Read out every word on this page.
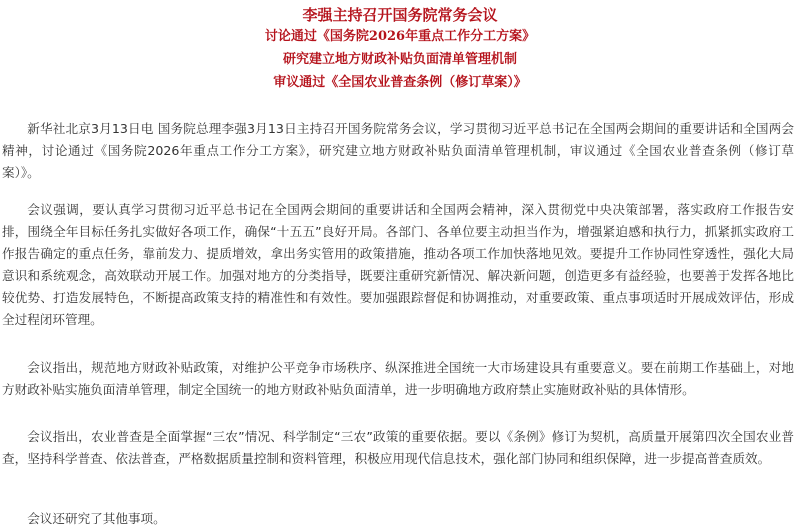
李强主持召开国务院常务会议

讨论通过《国务院2026年重点工作分工方案》

研究建立地方财政补贴负面清单管理机制

审议通过《全国农业普查条例（修订草案）》

新华社北京3月13日电 国务院总理李强3月13日主持召开国务院常务会议，学习贯彻习近平总书记在全国两会期间的重要讲话和全国两会精神，讨论通过《国务院2026年重点工作分工方案》，研究建立地方财政补贴负面清单管理机制，审议通过《全国农业普查条例（修订草案）》。

会议强调，要认真学习贯彻习近平总书记在全国两会期间的重要讲话和全国两会精神，深入贯彻党中央决策部署，落实政府工作报告安排，围绕全年目标任务扎实做好各项工作，确保“十五五”良好开局。各部门、各单位要主动担当作为，增强紧迫感和执行力，抓紧抓实政府工作报告确定的重点任务，靠前发力、提质增效，拿出务实管用的政策措施，推动各项工作加快落地见效。要提升工作协同性穿透性，强化大局意识和系统观念，高效联动开展工作。加强对地方的分类指导，既要注重研究新情况、解决新问题，创造更多有益经验，也要善于发挥各地比较优势、打造发展特色，不断提高政策支持的精准性和有效性。要加强跟踪督促和协调推动，对重要政策、重点事项适时开展成效评估，形成全过程闭环管理。

会议指出，规范地方财政补贴政策，对维护公平竞争市场秩序、纵深推进全国统一大市场建设具有重要意义。要在前期工作基础上，对地方财政补贴实施负面清单管理，制定全国统一的地方财政补贴负面清单，进一步明确地方政府禁止实施财政补贴的具体情形。

会议指出，农业普查是全面掌握“三农”情况、科学制定“三农”政策的重要依据。要以《条例》修订为契机，高质量开展第四次全国农业普查，坚持科学普查、依法普查，严格数据质量控制和资料管理，积极应用现代信息技术，强化部门协同和组织保障，进一步提高普查质效。

会议还研究了其他事项。
